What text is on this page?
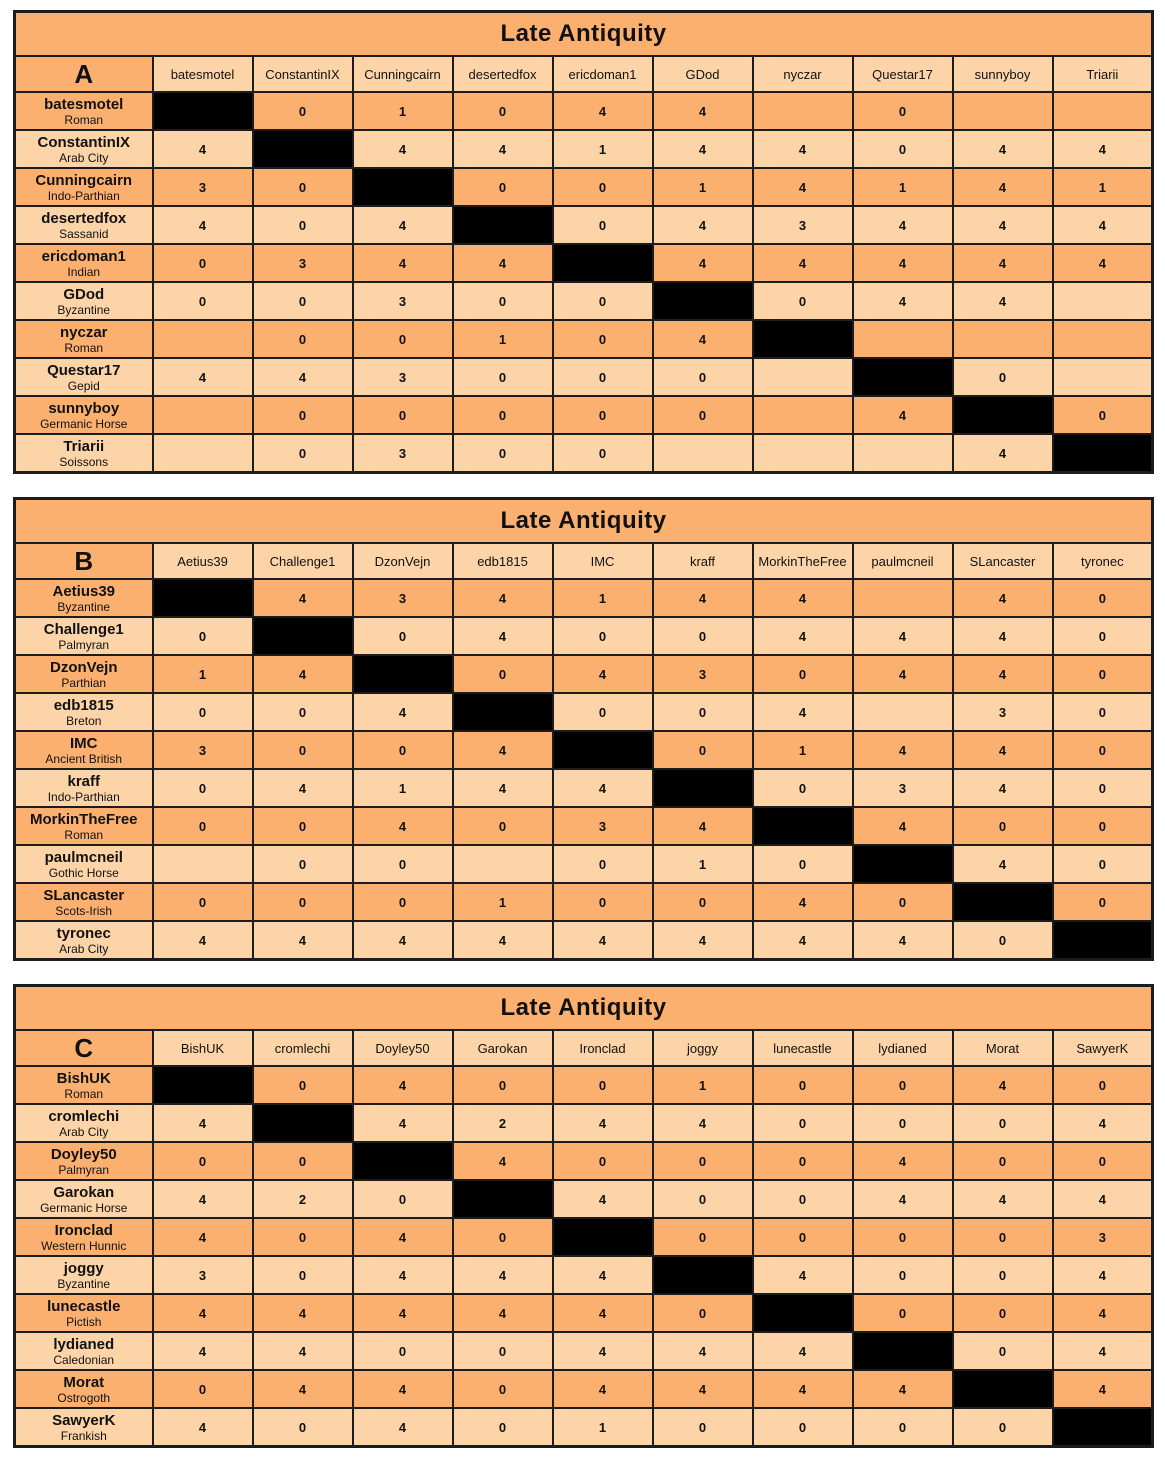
Late Antiquity										
A	batesmotel	ConstantinIX	Cunningcairn	desertedfox	ericdoman1	GDod	nyczar	Questar17	sunnyboy	Triarii

batesmotel
Roman		0	1	0	4	4		0		

ConstantinIX
Arab City	4		4	4	1	4	4	0	4	4

Cunningcairn
Indo-Parthian	3	0		0	0	1	4	1	4	1

desertedfox
Sassanid	4	0	4		0	4	3	4	4	4

ericdoman1
Indian	0	3	4	4		4	4	4	4	4

GDod
Byzantine	0	0	3	0	0		0	4	4	

nyczar
Roman		0	0	1	0	4				

Questar17
Gepid	4	4	3	0	0	0			0	

sunnyboy
Germanic Horse		0	0	0	0	0		4		0

Triarii
Soissons		0	3	0	0				4	
Late Antiquity										
B	Aetius39	Challenge1	DzonVejn	edb1815	IMC	kraff	MorkinTheFree	paulmcneil	SLancaster	tyronec

Aetius39
Byzantine		4	3	4	1	4	4		4	0

Challenge1
Palmyran	0		0	4	0	0	4	4	4	0

DzonVejn
Parthian	1	4		0	4	3	0	4	4	0

edb1815
Breton	0	0	4		0	0	4		3	0

IMC
Ancient British	3	0	0	4		0	1	4	4	0

kraff
Indo-Parthian	0	4	1	4	4		0	3	4	0

MorkinTheFree
Roman	0	0	4	0	3	4		4	0	0

paulmcneil
Gothic Horse		0	0		0	1	0		4	0

SLancaster
Scots-Irish	0	0	0	1	0	0	4	0		0

tyronec
Arab City	4	4	4	4	4	4	4	4	0	
Late Antiquity										
C	BishUK	cromlechi	Doyley50	Garokan	Ironclad	joggy	lunecastle	lydianed	Morat	SawyerK

BishUK
Roman		0	4	0	0	1	0	0	4	0

cromlechi
Arab City	4		4	2	4	4	0	0	0	4

Doyley50
Palmyran	0	0		4	0	0	0	4	0	0

Garokan
Germanic Horse	4	2	0		4	0	0	4	4	4

Ironclad
Western Hunnic	4	0	4	0		0	0	0	0	3

joggy
Byzantine	3	0	4	4	4		4	0	0	4

lunecastle
Pictish	4	4	4	4	4	0		0	0	4

lydianed
Caledonian	4	4	0	0	4	4	4		0	4

Morat
Ostrogoth	0	4	4	0	4	4	4	4		4

SawyerK
Frankish	4	0	4	0	1	0	0	0	0	
